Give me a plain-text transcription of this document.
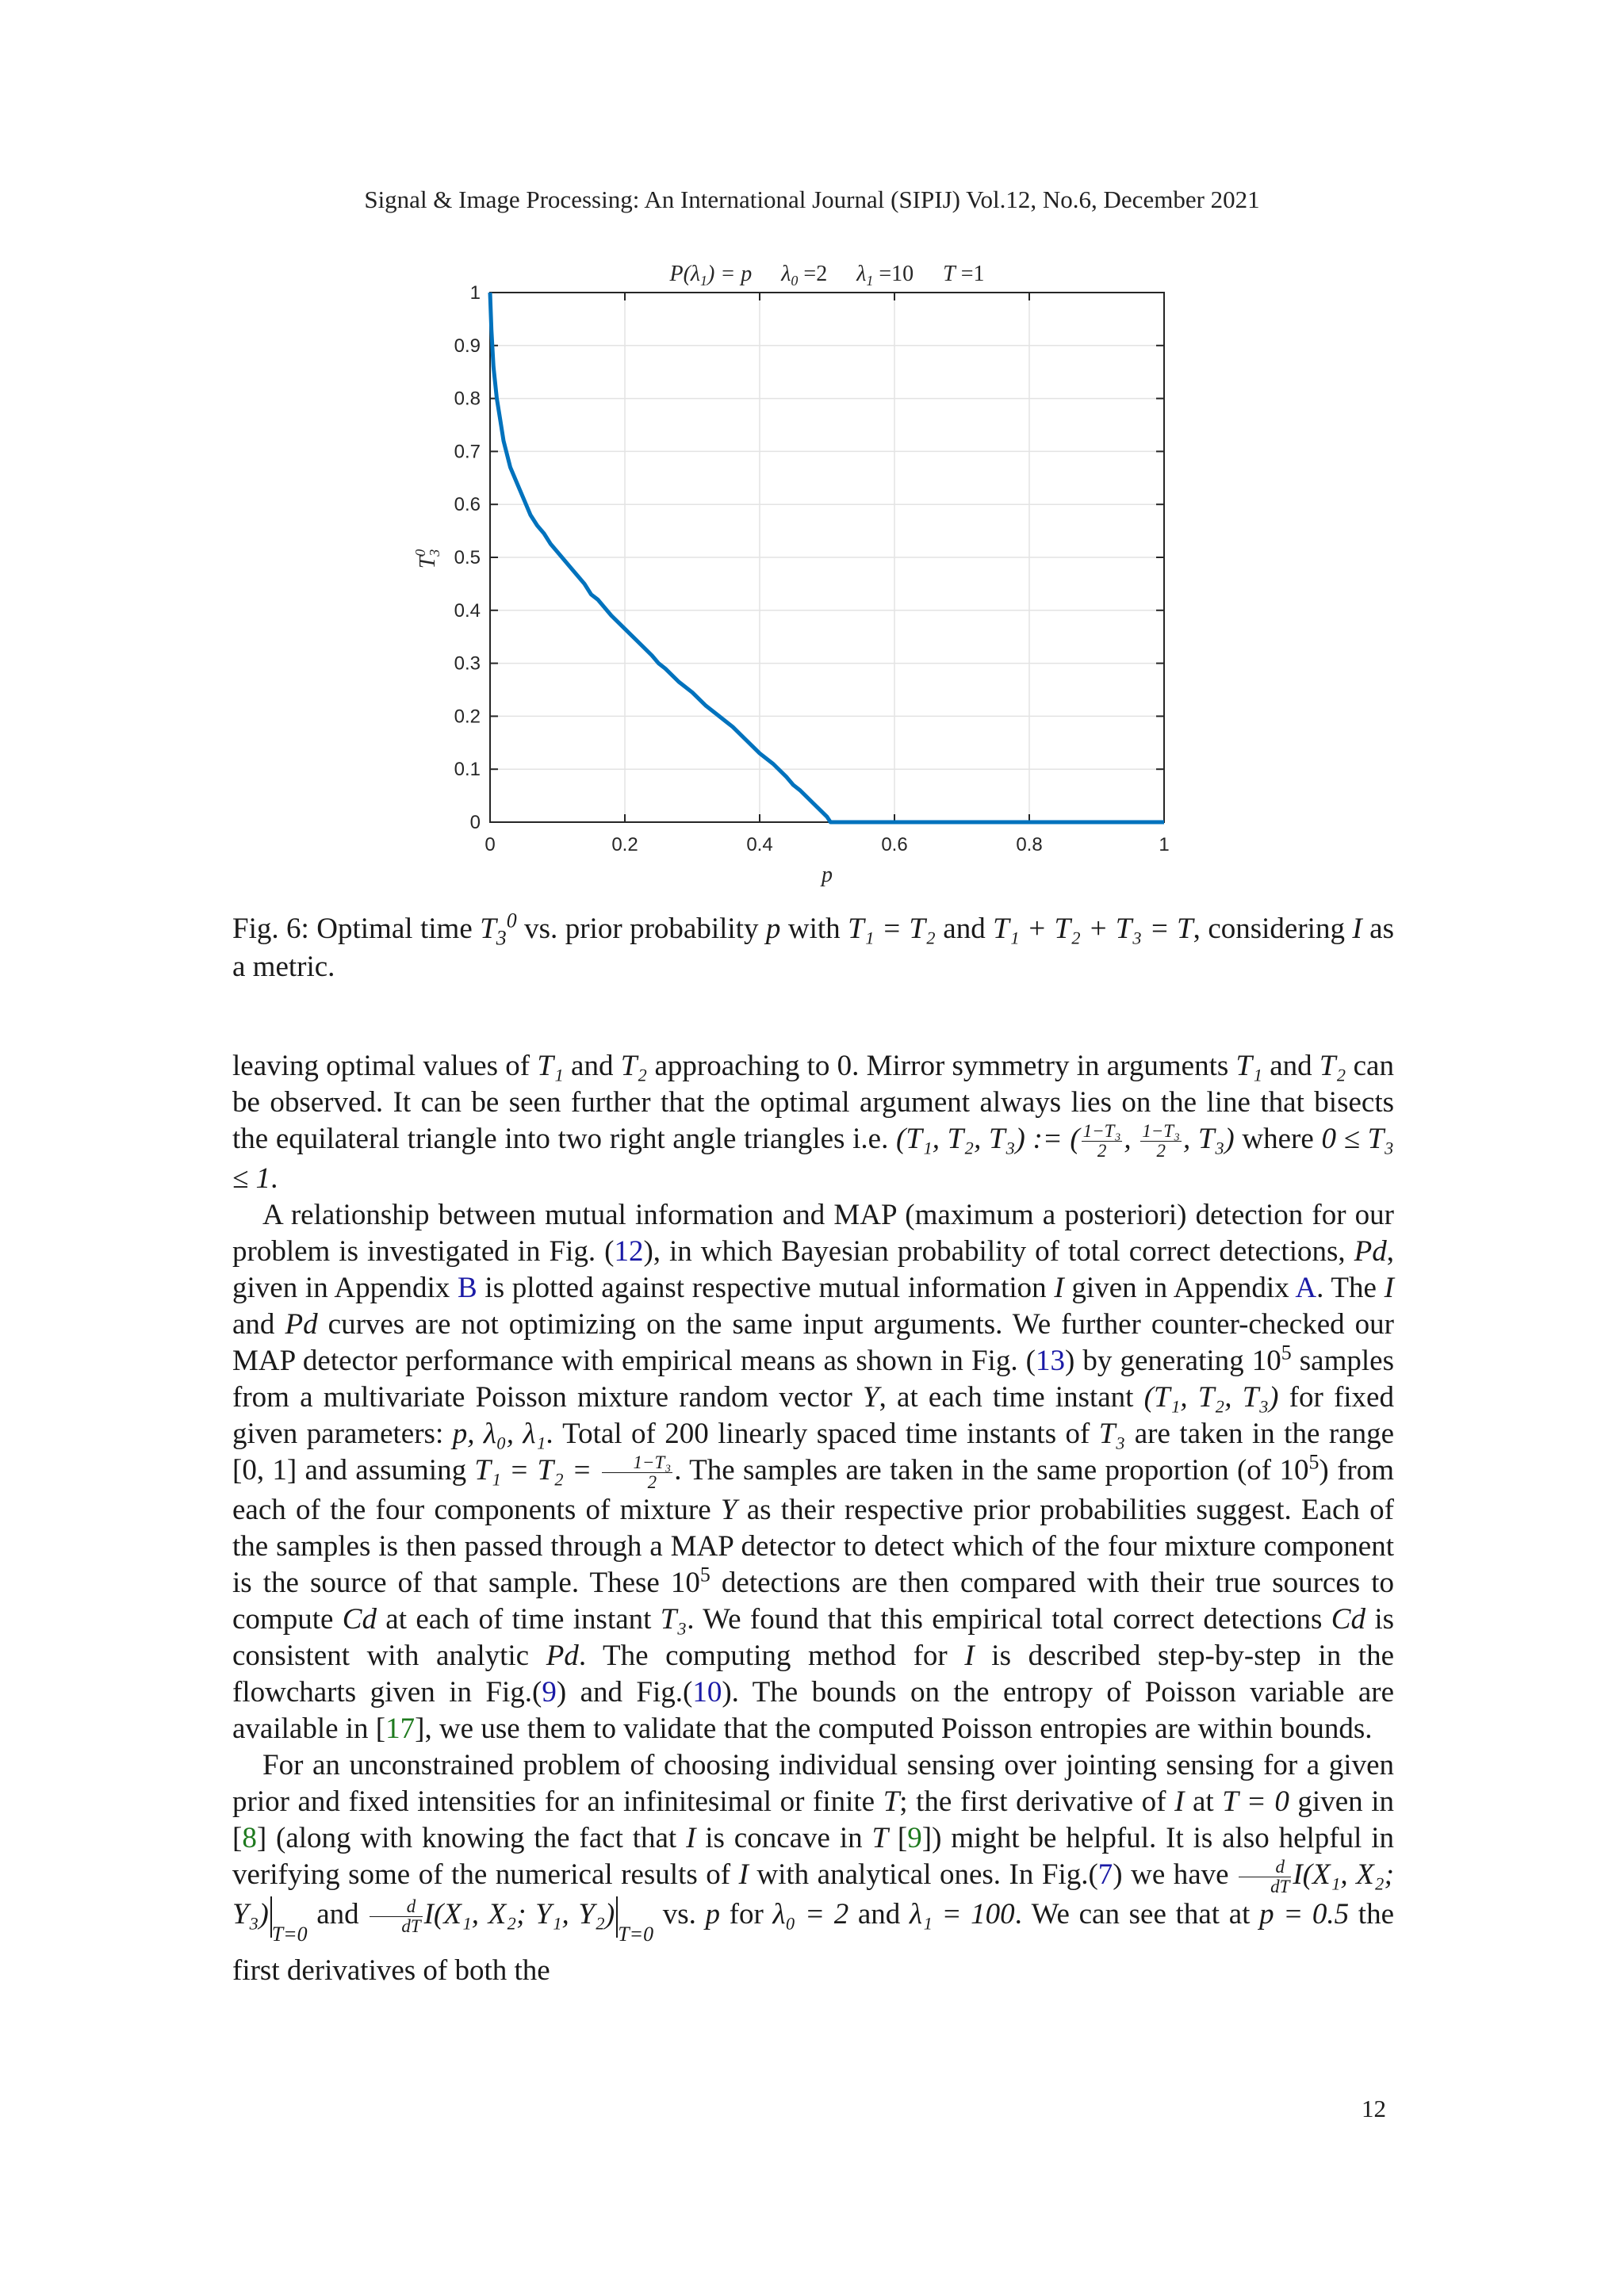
Signal & Image Processing: An International Journal (SIPIJ) Vol.12, No.6, December 2021
0	0.2	0.4	0.6	0.8	1
0
0.1
0.2
0.3
0.4
0.5
0.6
0.7
0.8
0.9
1
$P(\lambda_1) = p$ $\lambda_0 =2$ $\lambda_1 =10$ T =1
p
$T_30$
Fig. 6: Optimal time $T_3^0$ vs. prior probability p with T₁ = T₂ and T₁ + T₂ + T₃ = T, considering I as a metric.

leaving optimal values of T₁ and T₂ approaching to 0. Mirror symmetry in arguments T₁ and T₂ can be observed. It can be seen further that the optimal argument always lies on the line that bisects the equilateral triangle into two right angle triangles i.e. (T₁, T₂, T₃) := ( $\frac{\text{1−T₃}}{2}$ , $\frac{\text{1−T₃}}{2}$ , T₃) where 0 ≤ T₃ ≤ 1.

A relationship between mutual information and MAP (maximum a posteriori) detection for our problem is investigated in Fig. (12), in which Bayesian probability of total correct detections, Pd, given in Appendix B is plotted against respective mutual information I given in Appendix A. The I and Pd curves are not optimizing on the same input arguments. We further counter-checked our MAP detector performance with empirical means as shown in Fig. (13) by generating $10^5$ samples from a multivariate Poisson mixture random vector Y, at each time instant (T₁, T₂, T₃) for fixed given parameters: p, λ₀, λ₁. Total of 200 linearly spaced time instants of T₃ are taken in the range [0, 1] and assuming $T_1 = T_2 = \frac{\text{1−T₃}}{2}$ . The samples are taken in the same proportion (of $10^5$) from each of the four components of mixture Y as their respective prior probabilities suggest. Each of the samples is then passed through a MAP detector to detect which of the four mixture component is the source of that sample. These $10^5$ detections are then compared with their true sources to compute Cd at each of time instant T₃. We found that this empirical total correct detections Cd is consistent with analytic Pd. The computing method for I is described step-by-step in the flowcharts given in Fig.(9) and Fig.(10). The bounds on the entropy of Poisson variable are available in [17], we use them to validate that the computed Poisson entropies are within bounds.

For an unconstrained problem of choosing individual sensing over jointing sensing for a given prior and fixed intensities for an infinitesimal or finite T; the first derivative of I at T = 0 given in [8] (along with knowing the fact that I is concave in T [9]) might be helpful. It is also helpful in verifying some of the numerical results of I with analytical ones. In Fig.(7) we have $\frac{d}{dT} I(X_1$, X₂; $Y_3)_{T=0}$ and $\frac{d}{dT} I(X_1$, X₂; Y₁, $Y_2)_{T=0}$ vs. p for λ₀ = 2 and λ₁ = 100. We can see that at p = 0.5 the first derivatives of both the

12
